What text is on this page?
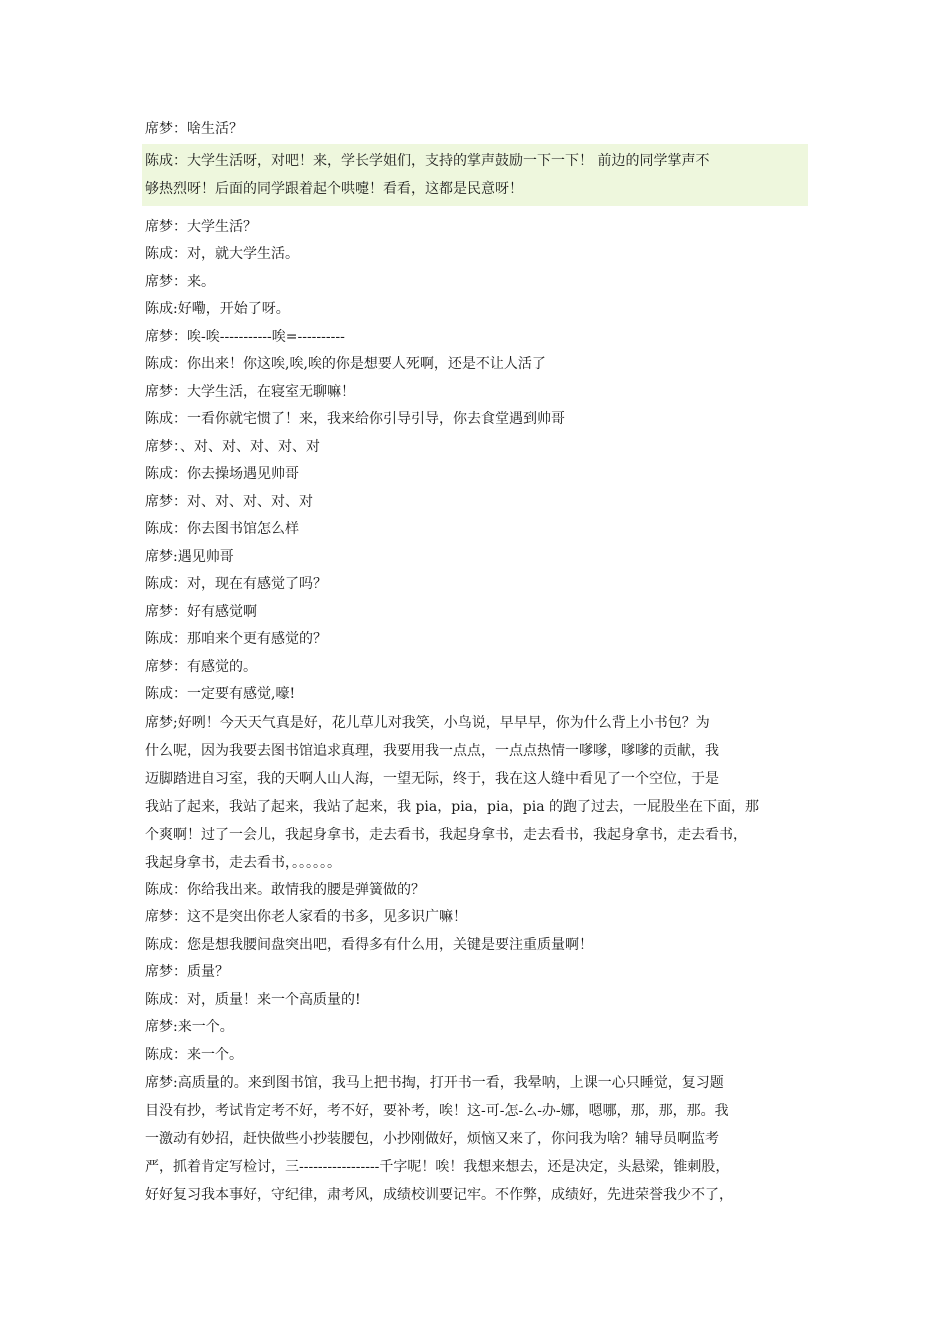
席梦：啥生活？
陈成：大学生活呀，对吧！来，学长学姐们，支持的掌声鼓励一下一下！ 前边的同学掌声不
够热烈呀！后面的同学跟着起个哄嚏！看看，这都是民意呀！
席梦：大学生活？
陈成：对，就大学生活。
席梦：来。
陈成:好嘞，开始了呀。
席梦：唉-唉-----------唉=----------
陈成：你出来！你这唉,唉,唉的你是想要人死啊，还是不让人活了
席梦：大学生活，在寝室无聊嘛！
陈成：一看你就宅惯了！来，我来给你引导引导，你去食堂遇到帅哥
席梦：、对、对、对、对、对
陈成：你去操场遇见帅哥
席梦：对、对、对、对、对
陈成：你去图书馆怎么样
席梦:遇见帅哥
陈成：对，现在有感觉了吗？
席梦：好有感觉啊
陈成：那咱来个更有感觉的？
席梦：有感觉的。
陈成：一定要有感觉,嚎!
席梦;好咧！今天天气真是好，花儿草儿对我笑，小鸟说，早早早，你为什么背上小书包？为
什么呢，因为我要去图书馆追求真理，我要用我一点点，一点点热情一嗲嗲，嗲嗲的贡献，我
迈脚踏进自习室，我的天啊人山人海，一望无际，终于，我在这人缝中看见了一个空位，于是
我站了起来，我站了起来，我站了起来，我 pia，pia，pia，pia 的跑了过去，一屁股坐在下面，那
个爽啊！过了一会儿，我起身拿书，走去看书，我起身拿书，走去看书，我起身拿书，走去看书，
我起身拿书，走去看书，。。。。。。
陈成：你给我出来。敢情我的腰是弹簧做的？
席梦：这不是突出你老人家看的书多，见多识广嘛！
陈成：您是想我腰间盘突出吧，看得多有什么用，关键是要注重质量啊！
席梦：质量？
陈成：对，质量！来一个高质量的!
席梦:来一个。
陈成：来一个。
席梦:高质量的。来到图书馆，我马上把书掏，打开书一看，我晕呐，上课一心只睡觉，复习题
目没有抄，考试肯定考不好，考不好，要补考，唉！这-可-怎-么-办-娜，嗯哪，那，那，那。我
一激动有妙招，赶快做些小抄装腰包，小抄刚做好，烦恼又来了，你问我为啥？辅导员啊监考
严，抓着肯定写检讨，三-----------------千字呢！唉！我想来想去，还是决定，头悬梁，锥刺股，
好好复习我本事好，守纪律，肃考风，成绩校训要记牢。不作弊，成绩好，先进荣誉我少不了，
